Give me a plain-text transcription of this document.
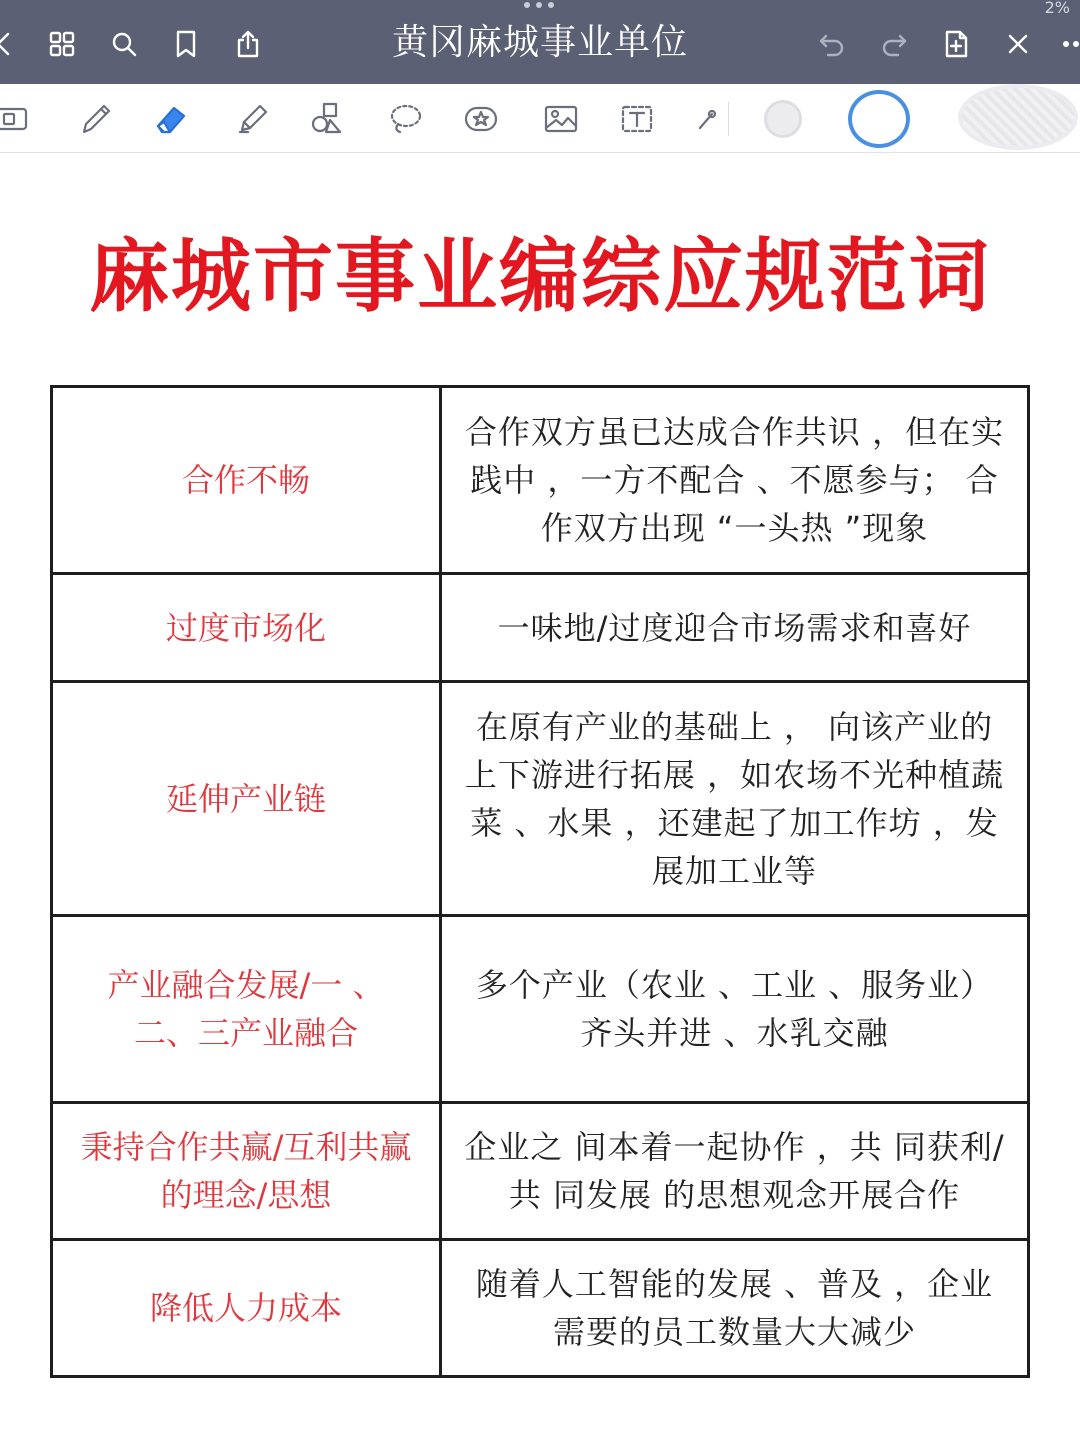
2%
黄冈麻城事业单位
麻城市事业编综应规范词
合作不畅	合作双方虽已达成合作共识 ，但在实践中 ，一方不配合 、不愿参与； 合作双方出现 “一头热 ”现象
过度市场化	一味地/过度迎合市场需求和喜好
延伸产业链	在原有产业的基础上 ， 向该产业的上下游进行拓展 ，如农场不光种植蔬菜 、水果 ，还建起了加工作坊 ，发展加工业等
产业融合发展/一 、 二、三产业融合	多个产业（农业 、工业 、服务业） 齐头并进 、水乳交融
秉持合作共赢/互利共赢的理念/思想	企业之 间本着一起协作 ，共 同获利/共 同发展 的思想观念开展合作
降低人力成本	随着人工智能的发展 、普及 ，企业需要的员工数量大大减少
